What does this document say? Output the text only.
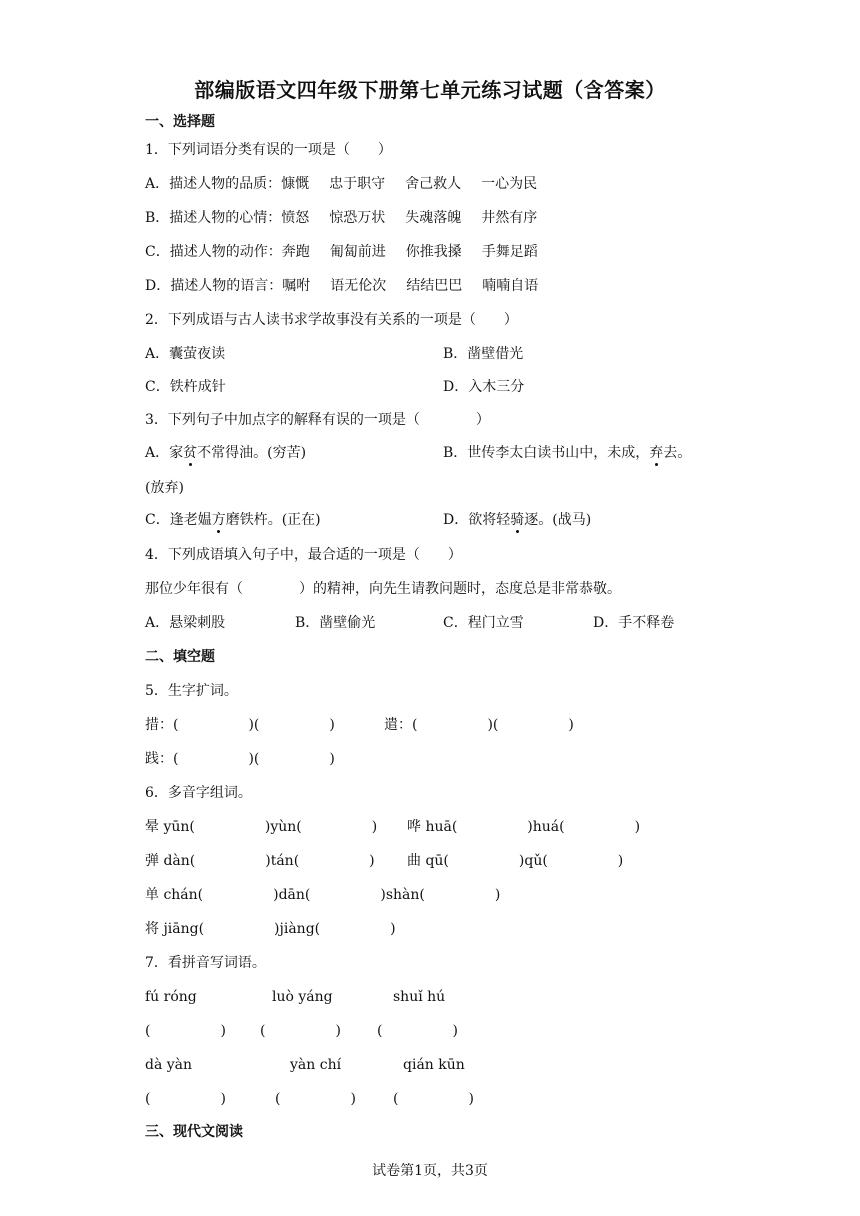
部编版语文四年级下册第七单元练习试题（含答案）
一、选择题
1．下列词语分类有误的一项是（　　）
A．描述人物的品质：慷慨 忠于职守 舍己救人 一心为民
B．描述人物的心情：愤怒 惊恐万状 失魂落魄 井然有序
C．描述人物的动作：奔跑 匍匐前进 你推我搡 手舞足蹈
D．描述人物的语言：嘱咐 语无伦次 结结巴巴 喃喃自语
2．下列成语与古人读书求学故事没有关系的一项是（　　）
A．囊萤夜读	B．凿壁借光
C．铁杵成针	D．入木三分
3．下列句子中加点字的解释有误的一项是（　　　　）
A．家贫不常得油。(穷苦)	B．世传李太白读书山中，未成，弃去。
(放弃)
C．逢老媪方磨铁杵。(正在)	D．欲将轻骑逐。(战马)
4．下列成语填入句子中，最合适的一项是（　　）
那位少年很有（　　　　）的精神，向先生请教问题时，态度总是非常恭敬。
A．悬梁刺股	B．凿壁偷光	C．程门立雪	D．手不释卷
二、填空题
5．生字扩词。
措：(　　　　　)(　　　　　)	遣：(　　　　　)(　　　　　)
践：(　　　　　)(　　　　　)
6．多音字组词。
晕 yūn(　　　　　)yùn(　　　　　) 哗 huā(　　　　　)huá(　　　　　)
弹 dàn(　　　　　)tán(　　　　　) 曲 qū(　　　　　)qǔ(　　　　　)
单 chán(　　　　　)dān(　　　　　)shàn(　　　　　)
将 jiāng(　　　　　)jiàng(　　　　　)
7．看拼音写词语。
fú róng	luò yáng	shuǐ hú
(　　　　　) (　　　　　)	(　　　　　)
dà yàn	yàn chí	qián kūn
(　　　　　)	(　　　　　)	(　　　　　)
三、现代文阅读
试卷第1页，共3页
